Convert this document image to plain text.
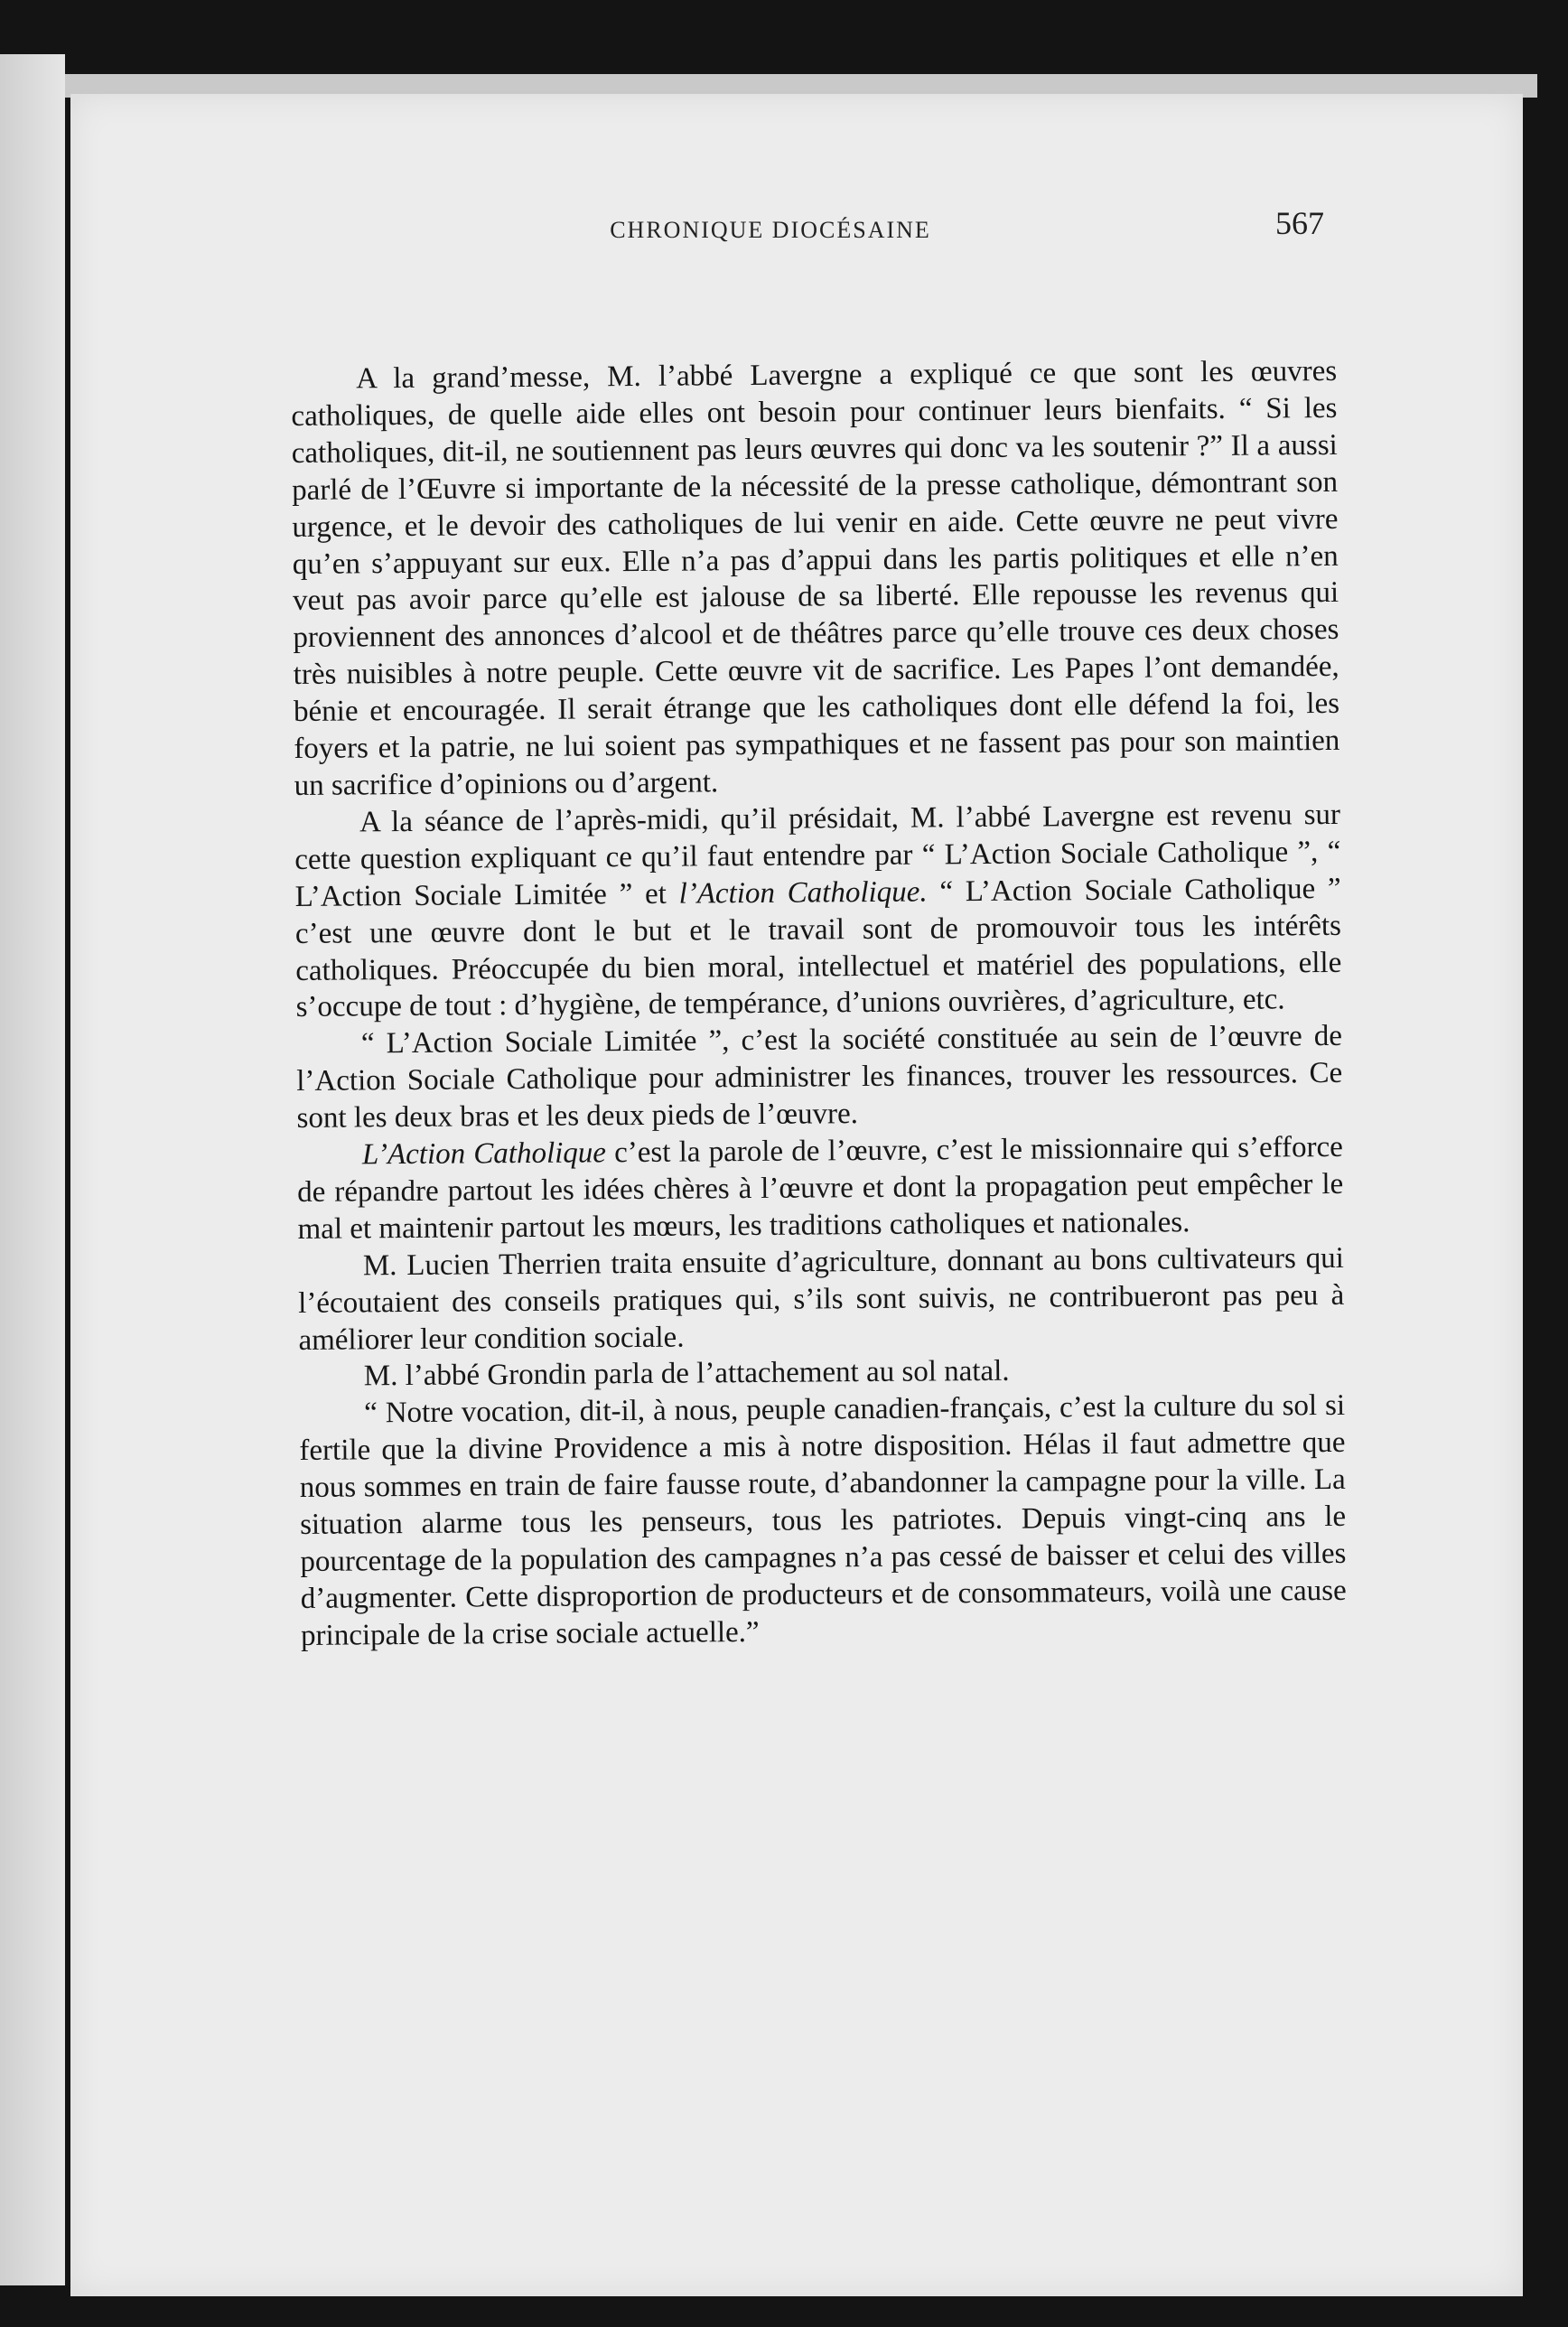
CHRONIQUE DIOCÉSAINE	567

A la grand’messe, M. l’abbé Lavergne a expliqué ce que sont les œuvres catholiques, de quelle aide elles ont besoin pour continuer leurs bienfaits. “ Si les catholiques, dit-il, ne soutiennent pas leurs œuvres qui donc va les soutenir ?” Il a aussi parlé de l’Œuvre si importante de la nécessité de la presse catholique, démontrant son urgence, et le devoir des catholiques de lui venir en aide. Cette œuvre ne peut vivre qu’en s’appuyant sur eux. Elle n’a pas d’appui dans les partis politiques et elle n’en veut pas avoir parce qu’elle est jalouse de sa liberté. Elle repousse les revenus qui proviennent des annonces d’alcool et de théâtres parce qu’elle trouve ces deux choses très nuisibles à notre peuple. Cette œuvre vit de sacrifice. Les Papes l’ont demandée, bénie et encouragée. Il serait étrange que les catholiques dont elle défend la foi, les foyers et la patrie, ne lui soient pas sympathiques et ne fassent pas pour son maintien un sacrifice d’opinions ou d’argent.

A la séance de l’après-midi, qu’il présidait, M. l’abbé Lavergne est revenu sur cette question expliquant ce qu’il faut entendre par “ L’Action Sociale Catholique ”, “ L’Action Sociale Limitée ” et l’Action Catholique. “ L’Action Sociale Catholique ” c’est une œuvre dont le but et le travail sont de promouvoir tous les intérêts catholiques. Préoccupée du bien moral, intellectuel et matériel des populations, elle s’occupe de tout : d’hygiène, de tempérance, d’unions ouvrières, d’agriculture, etc.

“ L’Action Sociale Limitée ”, c’est la société constituée au sein de l’œuvre de l’Action Sociale Catholique pour administrer les finances, trouver les ressources. Ce sont les deux bras et les deux pieds de l’œuvre.

L’Action Catholique c’est la parole de l’œuvre, c’est le missionnaire qui s’efforce de répandre partout les idées chères à l’œuvre et dont la propagation peut empêcher le mal et maintenir partout les mœurs, les traditions catholiques et nationales.

M. Lucien Therrien traita ensuite d’agriculture, donnant au bons cultivateurs qui l’écoutaient des conseils pratiques qui, s’ils sont suivis, ne contribueront pas peu à améliorer leur condition sociale.

M. l’abbé Grondin parla de l’attachement au sol natal.

“ Notre vocation, dit-il, à nous, peuple canadien-français, c’est la culture du sol si fertile que la divine Providence a mis à notre disposition. Hélas il faut admettre que nous sommes en train de faire fausse route, d’abandonner la campagne pour la ville. La situation alarme tous les penseurs, tous les patriotes. Depuis vingt-cinq ans le pourcentage de la population des campagnes n’a pas cessé de baisser et celui des villes d’augmenter. Cette disproportion de producteurs et de consommateurs, voilà une cause principale de la crise sociale actuelle.”
